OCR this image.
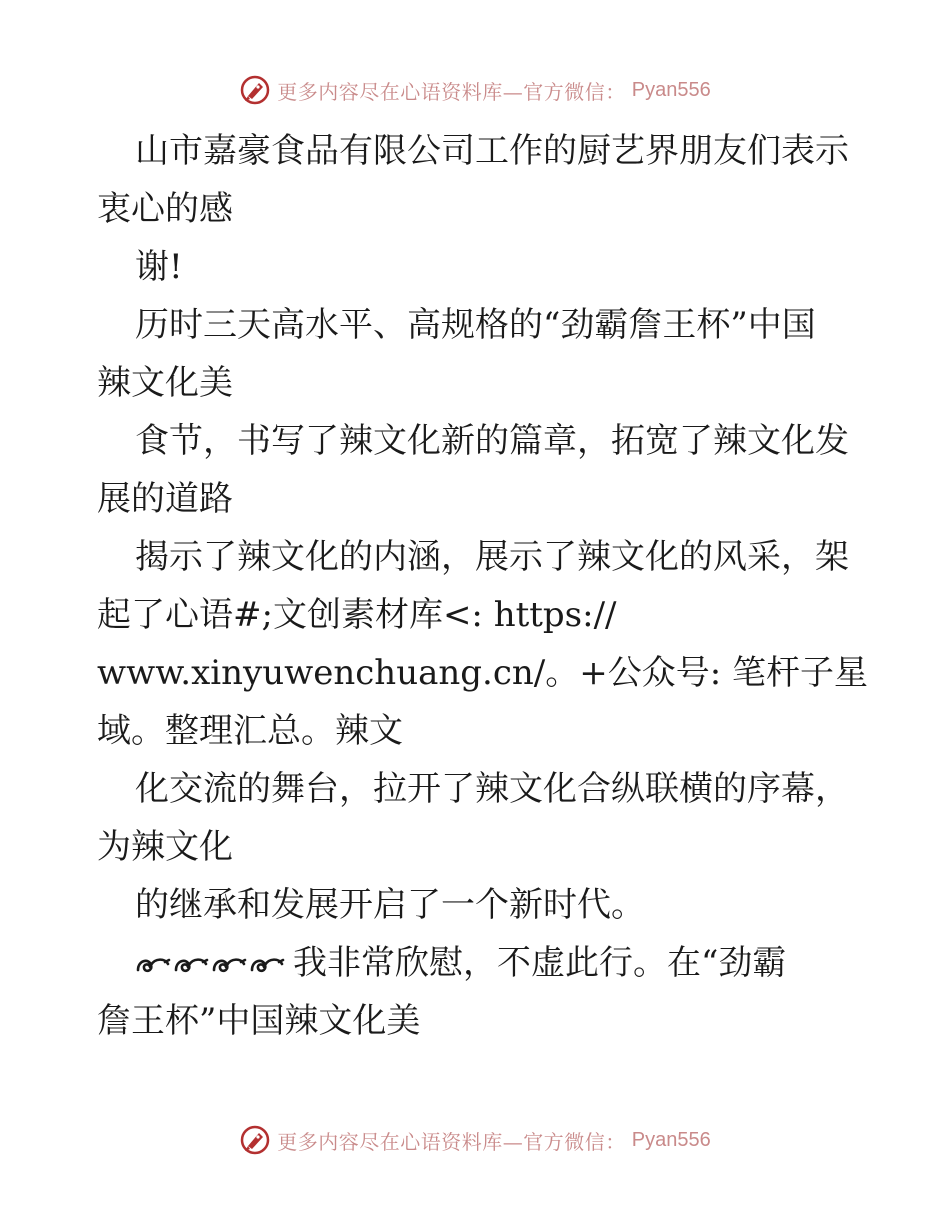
更多内容尽在心语资料库—官方微信： Pyan556
山市嘉豪食品有限公司工作的厨艺界朋友们表示
衷心的感
谢!
历时三天高水平、高规格的“劲霸詹王杯”中国
辣文化美
食节，书写了辣文化新的篇章，拓宽了辣文化发
展的道路
揭示了辣文化的内涵，展示了辣文化的风采，架
起了心语#;文创素材库<: https://
www.xinyuwenchuang.cn/。+公众号: 笔杆子星
域。整理汇总。辣文
化交流的舞台，拉开了辣文化合纵联横的序幕，
为辣文化
的继承和发展开启了一个新时代。
我非常欣慰，不虚此行。在“劲霸
詹王杯”中国辣文化美
更多内容尽在心语资料库—官方微信： Pyan556
